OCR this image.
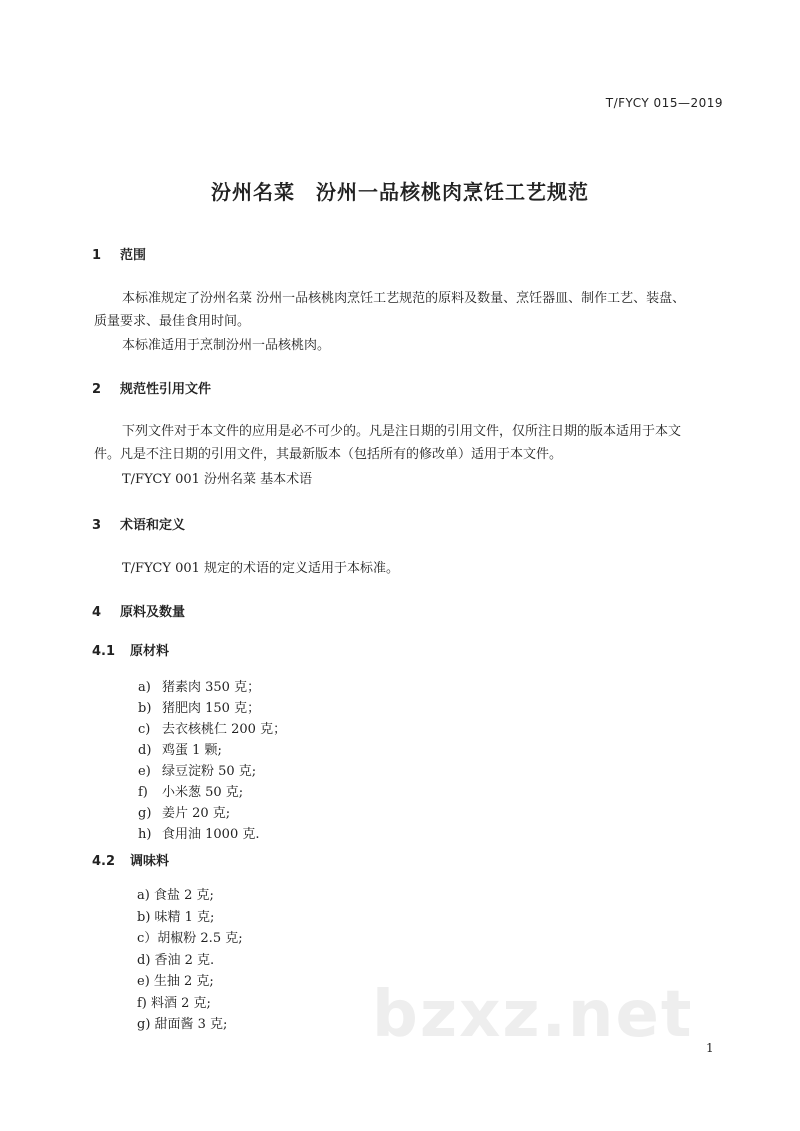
T/FYCY 015—2019
汾州名菜　汾州一品核桃肉烹饪工艺规范
1 范围
本标准规定了汾州名菜 汾州一品核桃肉烹饪工艺规范的原料及数量、烹饪器皿、制作工艺、装盘、
质量要求、最佳食用时间。
本标准适用于烹制汾州一品核桃肉。
2 规范性引用文件
下列文件对于本文件的应用是必不可少的。凡是注日期的引用文件，仅所注日期的版本适用于本文
件。凡是不注日期的引用文件，其最新版本（包括所有的修改单）适用于本文件。
T/FYCY 001 汾州名菜 基本术语
3 术语和定义
T/FYCY 001 规定的术语的定义适用于本标准。
4 原料及数量
4.1 原材料
a) 猪素肉 350 克；
b) 猪肥肉 150 克；
c) 去衣核桃仁 200 克；
d) 鸡蛋 1 颗;
e) 绿豆淀粉 50 克;
f) 小米葱 50 克;
g) 姜片 20 克;
h) 食用油 1000 克.
4.2 调味料
a) 食盐 2 克;
b) 味精 1 克;
c）胡椒粉 2.5 克;
d) 香油 2 克.
e) 生抽 2 克;
f) 料酒 2 克;
g) 甜面酱 3 克; bzxz.net 1
